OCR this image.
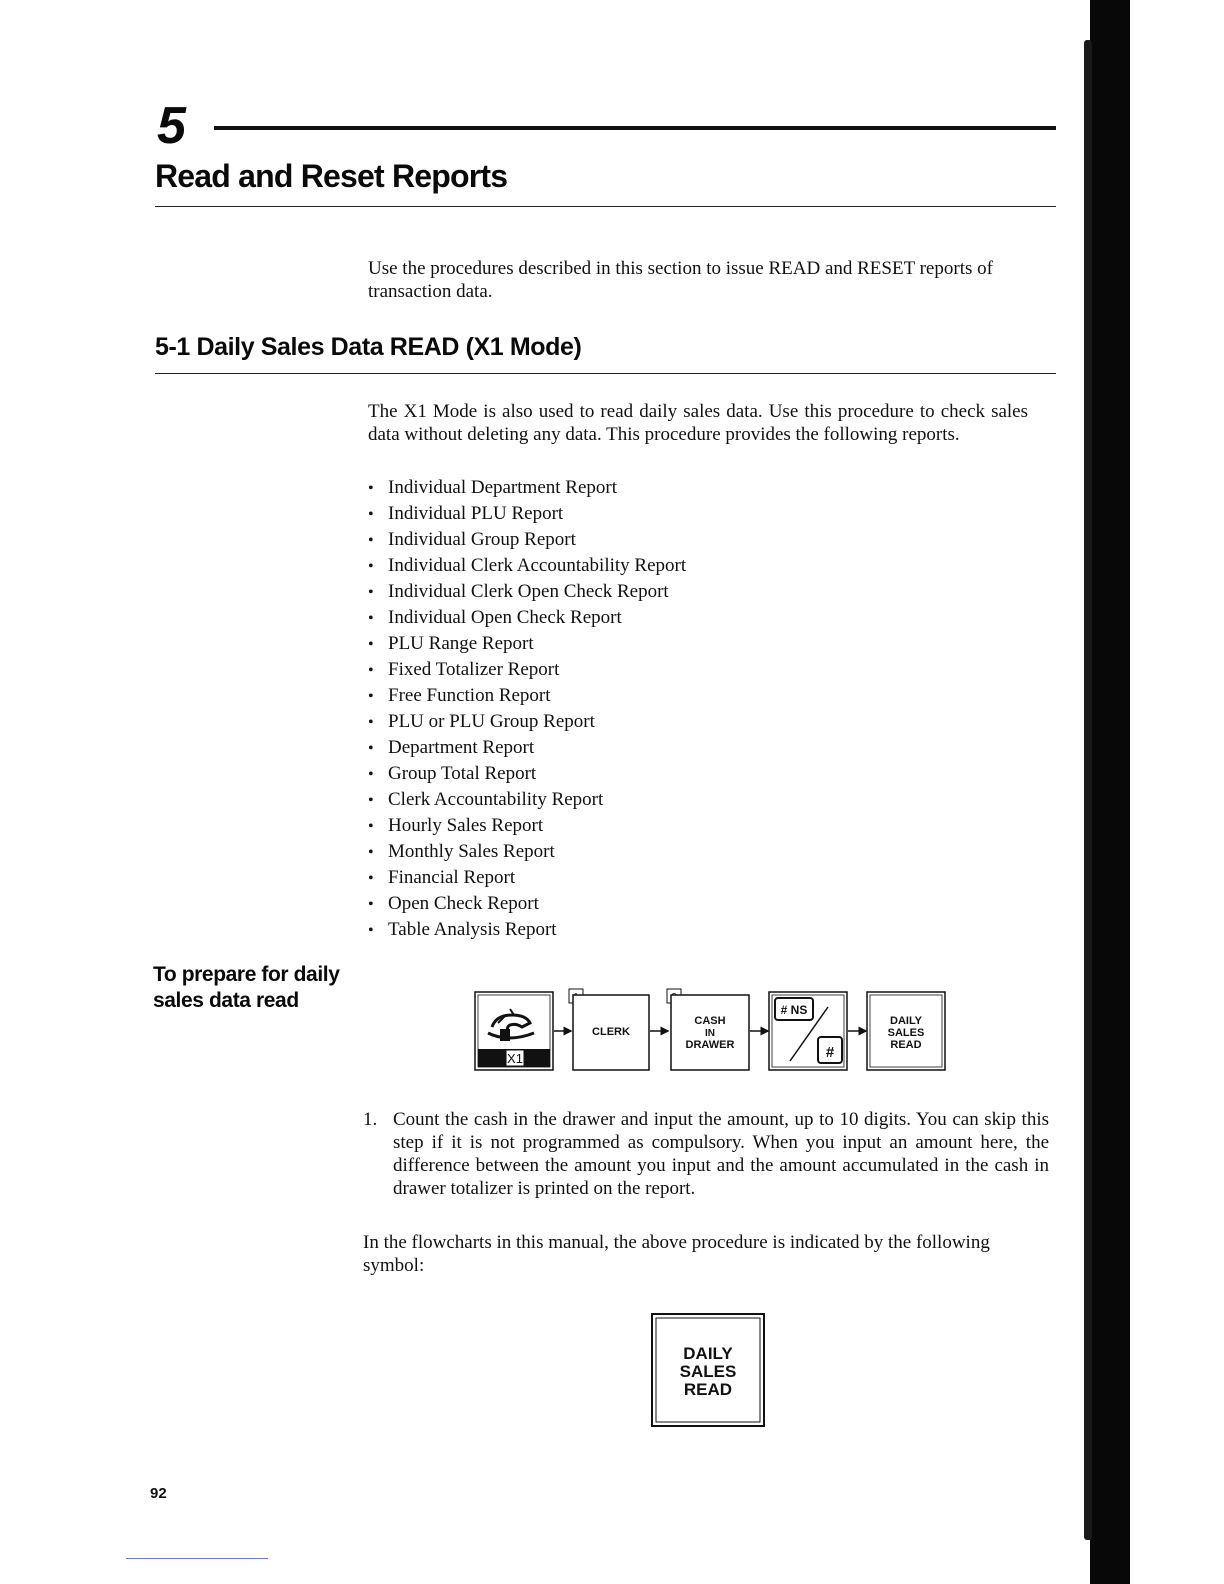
5
Read and Reset Reports

Use the procedures described in this section to issue READ and RESET reports of transaction data.

5-1 Daily Sales Data READ (X1 Mode)

The X1 Mode is also used to read daily sales data. Use this procedure to check sales data without deleting any data. This procedure provides the following reports.

• Individual Department Report
• Individual PLU Report
• Individual Group Report
• Individual Clerk Accountability Report
• Individual Clerk Open Check Report
• Individual Open Check Report
• PLU Range Report
• Fixed Totalizer Report
• Free Function Report
• PLU or PLU Group Report
• Department Report
• Group Total Report
• Clerk Accountability Report
• Hourly Sales Report
• Monthly Sales Report
• Financial Report
• Open Check Report
• Table Analysis Report
To prepare for daily sales data read
X1
CLERK
CASH
IN
DRAWER
# NS
#
DAILY
SALES
READ
1. Count the cash in the drawer and input the amount, up to 10 digits. You can skip this step if it is not programmed as compulsory. When you input an amount here, the difference between the amount you input and the amount accumulated in the cash in drawer totalizer is printed on the report.

In the flowcharts in this manual, the above procedure is indicated by the following symbol:

DAILY
SALES
READ
92
